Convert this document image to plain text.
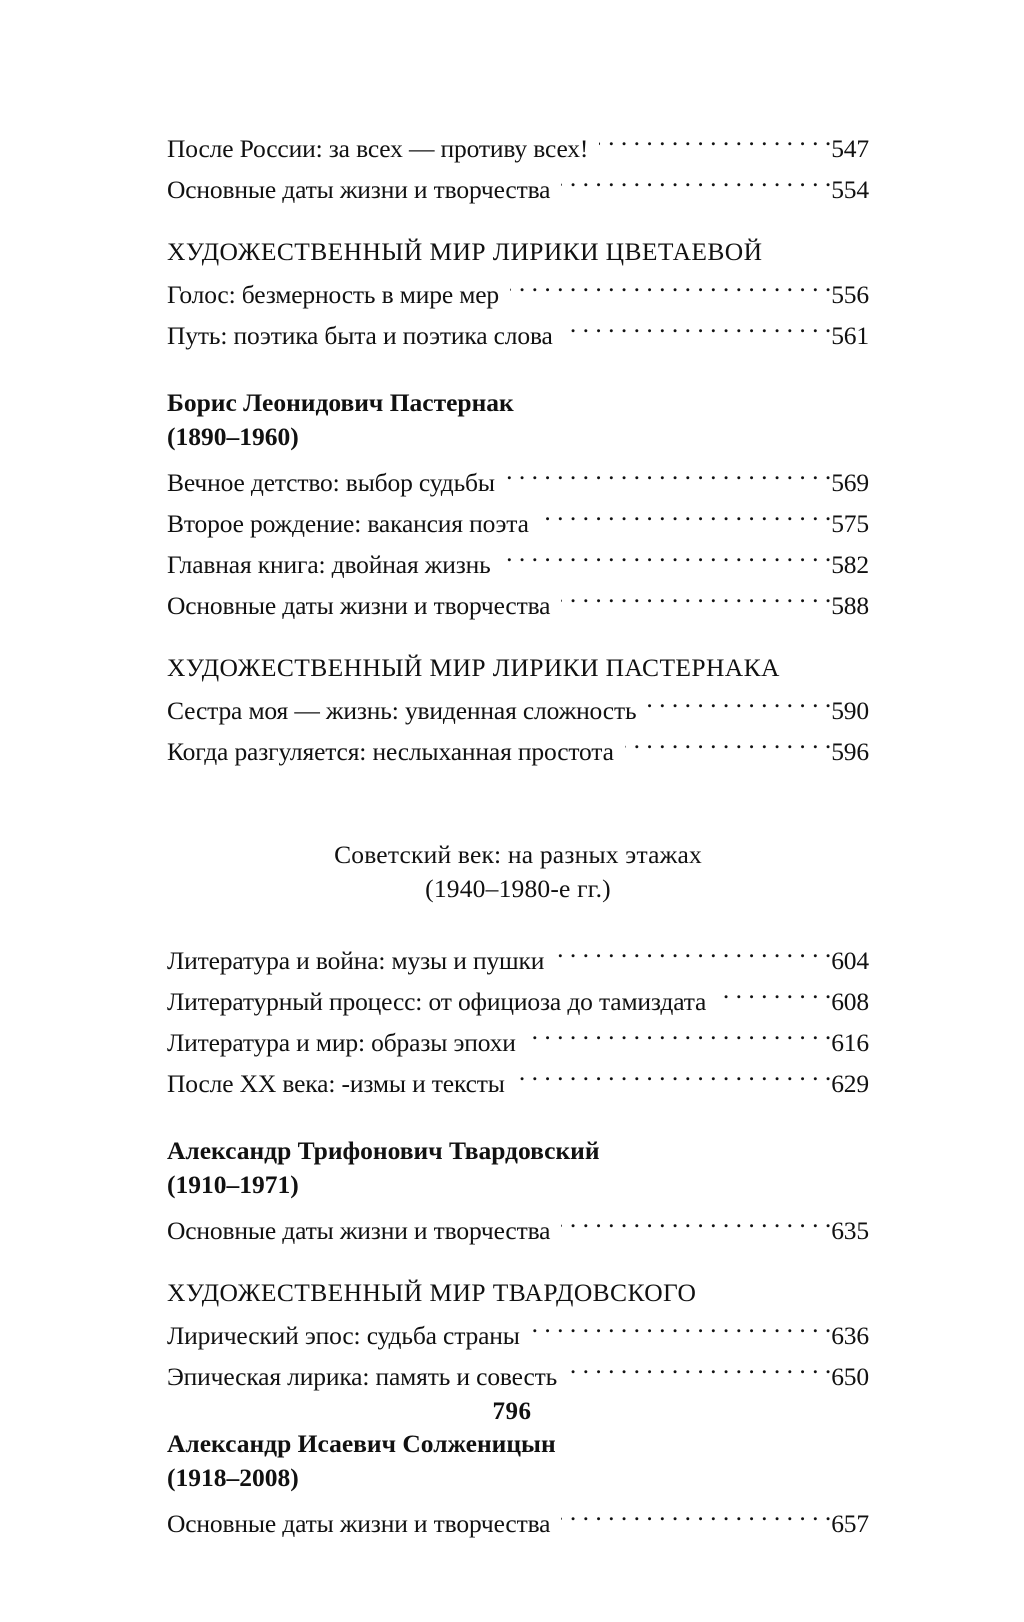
После России: за всех — противу всех! . . .	547
Основные даты жизни и творчества . . .	554
ХУДОЖЕСТВЕННЫЙ МИР ЛИРИКИ ЦВЕТАЕВОЙ
Голос: безмерность в мире мер . . .	556
Путь: поэтика быта и поэтика слова . . .	561
Борис Леонидович Пастернак
(1890–1960)
Вечное детство: выбор судьбы . . .	569
Второе рождение: вакансия поэта . . .	575
Главная книга: двойная жизнь . . .	582
Основные даты жизни и творчества . . .	588
ХУДОЖЕСТВЕННЫЙ МИР ЛИРИКИ ПАСТЕРНАКА
Сестра моя — жизнь: увиденная сложность . . .	590
Когда разгуляется: неслыханная простота . . .	596
Советский век: на разных этажах
(1940–1980-е гг.)
Литература и война: музы и пушки . . .	604
Литературный процесс: от официоза до тамиздата . . .	608
Литература и мир: образы эпохи . . .	616
После XX века: -измы и тексты . . .	629
Александр Трифонович Твардовский
(1910–1971)
Основные даты жизни и творчества . . .	635
ХУДОЖЕСТВЕННЫЙ МИР ТВАРДОВСКОГО
Лирический эпос: судьба страны . . .	636
Эпическая лирика: память и совесть . . .	650
Александр Исаевич Солженицын
(1918–2008)
Основные даты жизни и творчества . . .	657
796
